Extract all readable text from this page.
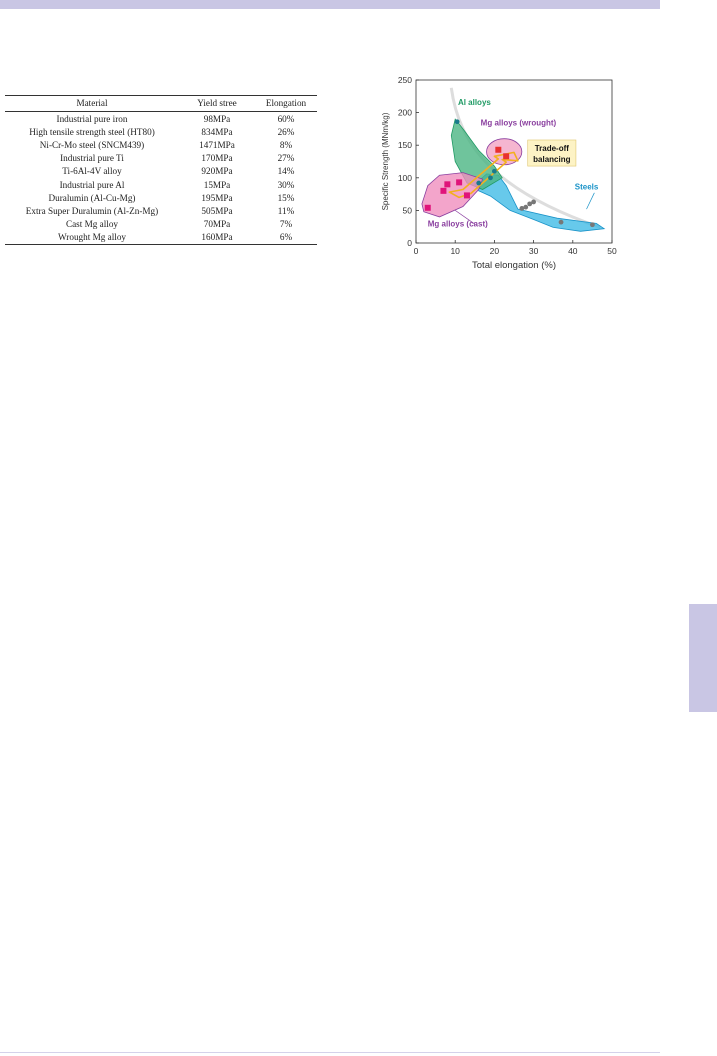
Material	Yield stree	Elongation
Industrial pure iron	98MPa	60%
High tensile strength steel (HT80)	834MPa	26%
Ni-Cr-Mo steel (SNCM439)	1471MPa	8%
Industrial pure Ti	170MPa	27%
Ti-6Al-4V alloy	920MPa	14%
Industrial pure Al	15MPa	30%
Duralumin (Al-Cu-Mg)	195MPa	15%
Extra Super Duralumin (Al-Zn-Mg)	505MPa	11%
Cast Mg alloy	70MPa	7%
Wrought Mg alloy	160MPa	6%
0	10	20	30	40	50
0
50
100
150
200
250
Total elongation (%)
Specific Strength (MNm/kg)
Al alloys
Mg alloys (wrought)
Mg alloys (cast)
Steels
Trade-off
balancing
